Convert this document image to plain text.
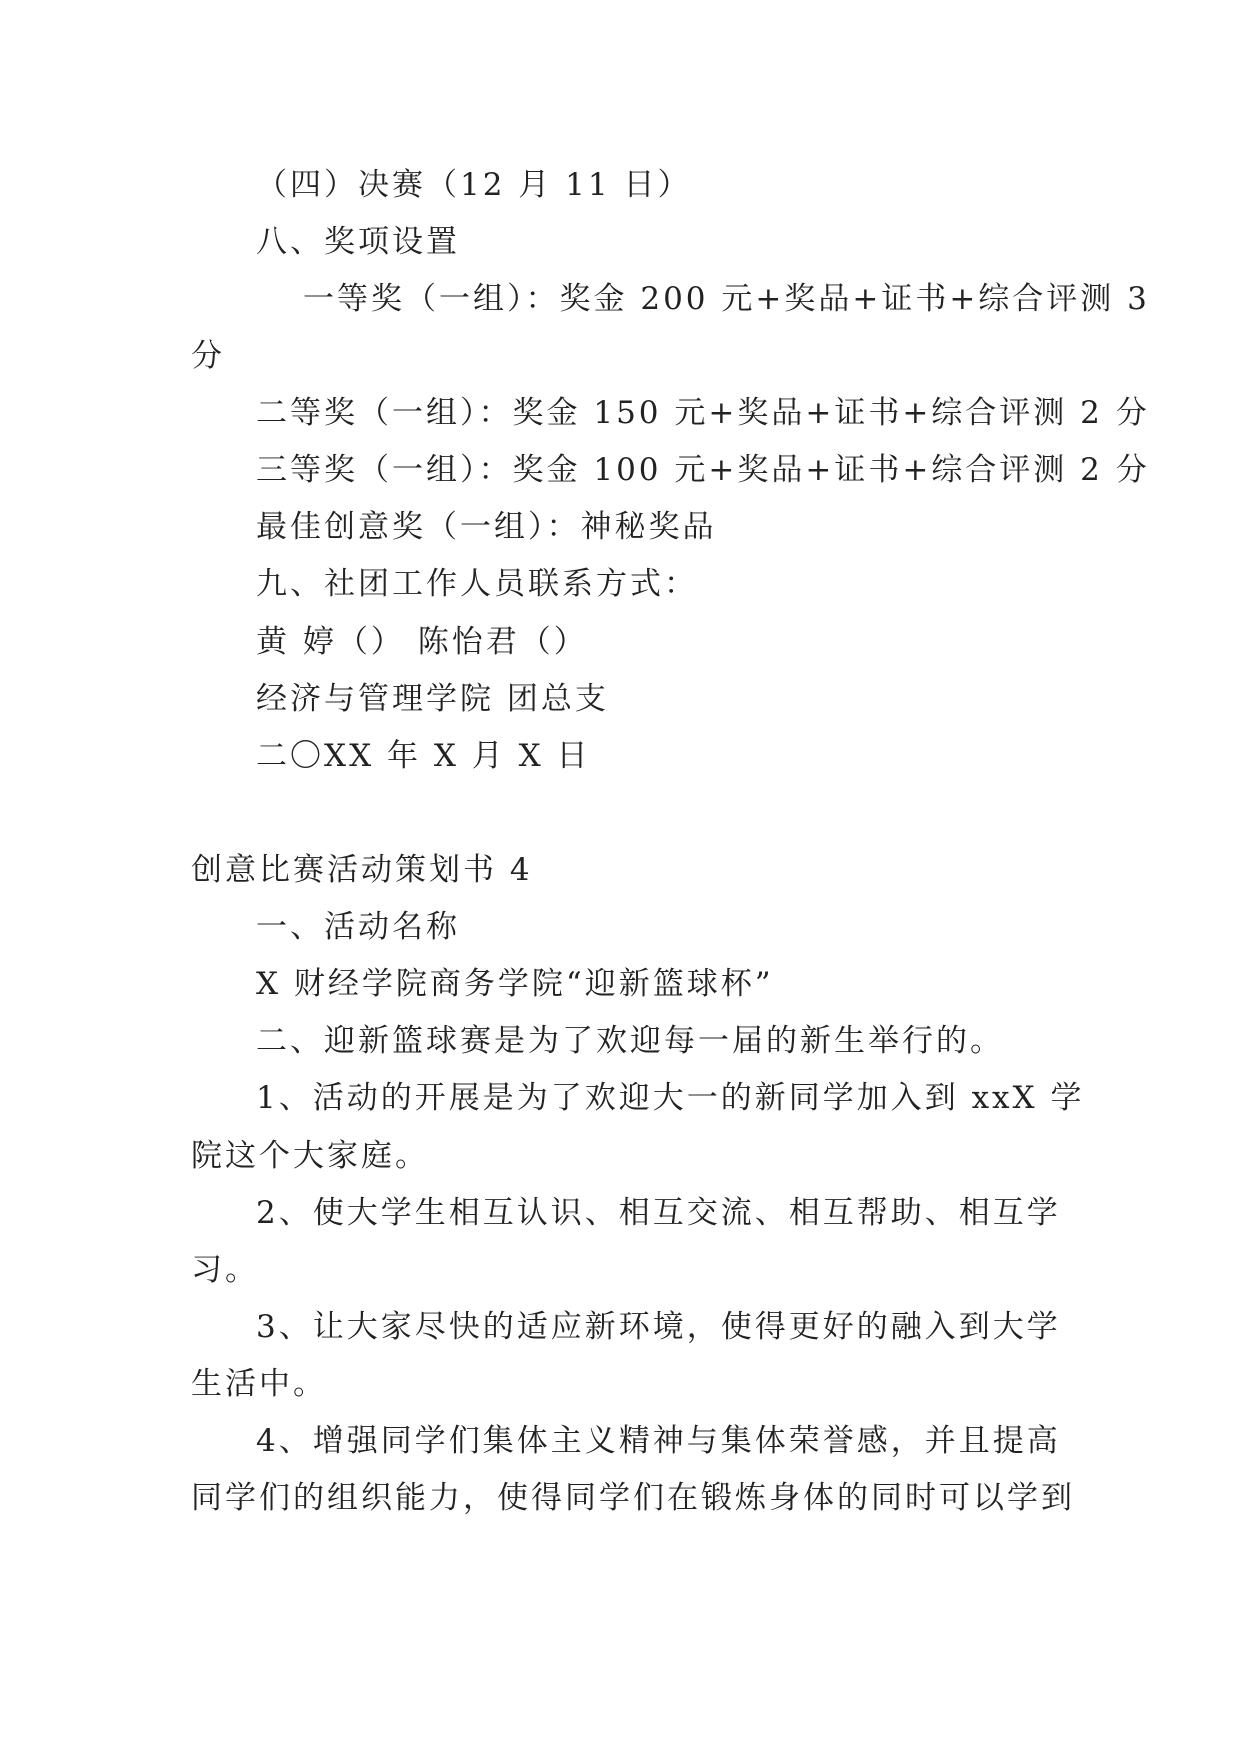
（四）决赛（12 月 11 日）
八、奖项设置
一等奖（一组）：奖金 200 元+奖品+证书+综合评测 3
分
二等奖（一组）：奖金 150 元+奖品+证书+综合评测 2 分
三等奖（一组）：奖金 100 元+奖品+证书+综合评测 2 分
最佳创意奖（一组）：神秘奖品
九、社团工作人员联系方式：
黄 婷（） 陈怡君（）
经济与管理学院 团总支
二〇XX 年 X 月 X 日
创意比赛活动策划书 4
一、活动名称
X 财经学院商务学院“迎新篮球杯”
二、迎新篮球赛是为了欢迎每一届的新生举行的。
1、活动的开展是为了欢迎大一的新同学加入到 xxX 学
院这个大家庭。
2、使大学生相互认识、相互交流、相互帮助、相互学
习。
3、让大家尽快的适应新环境，使得更好的融入到大学
生活中。
4、增强同学们集体主义精神与集体荣誉感，并且提高
同学们的组织能力，使得同学们在锻炼身体的同时可以学到
